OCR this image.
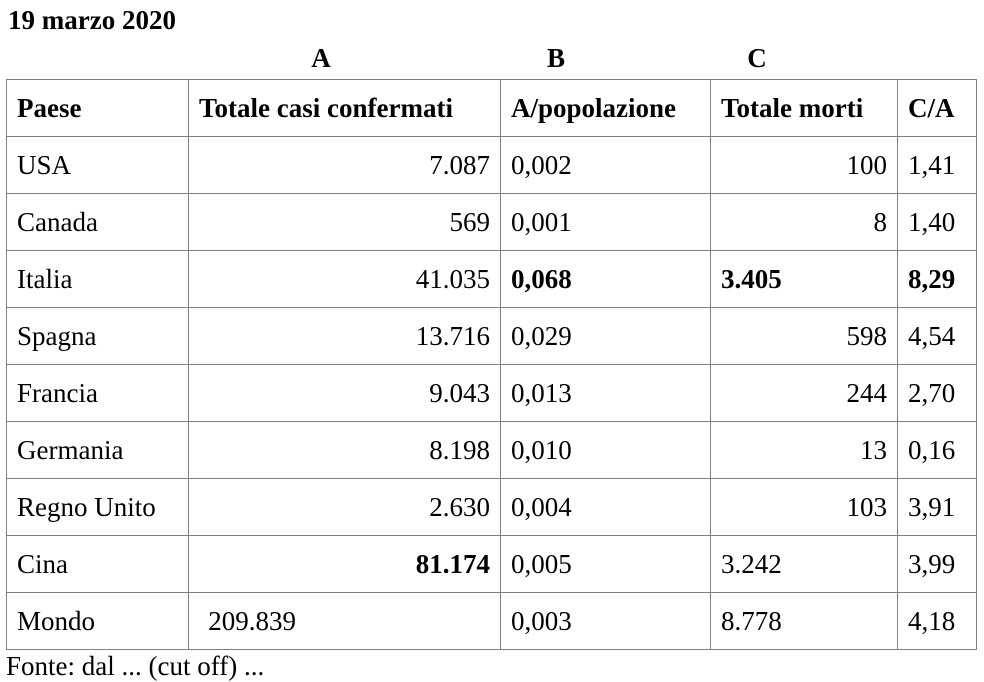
19 marzo 2020
A	B	C
Paese	Totale casi confermati	A/popolazione	Totale morti	C/A
USA	7.087	0,002	100	1,41
Canada	569	0,001	8	1,40
Italia	41.035	0,068	3.405	8,29
Spagna	13.716	0,029	598	4,54
Francia	9.043	0,013	244	2,70
Germania	8.198	0,010	13	0,16
Regno Unito	2.630	0,004	103	3,91
Cina	81.174	0,005	3.242	3,99
Mondo	209.839	0,003	8.778	4,18
Fonte: dal ... (cut off) ...
